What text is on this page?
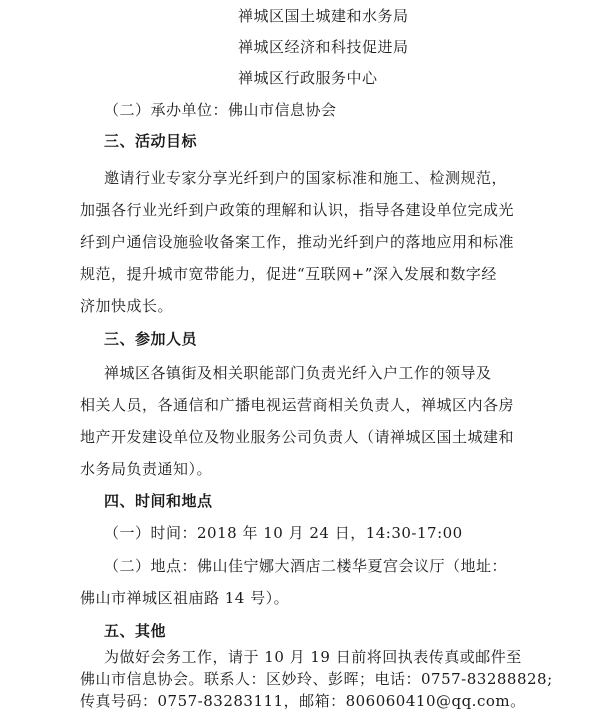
禅城区国土城建和水务局
禅城区经济和科技促进局
禅城区行政服务中心
（二）承办单位：佛山市信息协会
三、活动目标
邀请行业专家分享光纤到户的国家标准和施工、检测规范，
加强各行业光纤到户政策的理解和认识，指导各建设单位完成光
纤到户通信设施验收备案工作，推动光纤到户的落地应用和标准
规范，提升城市宽带能力，促进“互联网+”深入发展和数字经
济加快成长。
三、参加人员
禅城区各镇街及相关职能部门负责光纤入户工作的领导及
相关人员，各通信和广播电视运营商相关负责人，禅城区内各房
地产开发建设单位及物业服务公司负责人（请禅城区国土城建和
水务局负责通知）。
四、时间和地点
（一）时间：2018 年 10 月 24 日，14:30-17:00
（二）地点：佛山佳宁娜大酒店二楼华夏宫会议厅（地址：
佛山市禅城区祖庙路 14 号）。
五、其他
为做好会务工作，请于 10 月 19 日前将回执表传真或邮件至
佛山市信息协会。联系人：区妙玲、彭晖；电话：0757-83288828;
传真号码：0757-83283111，邮箱：806060410@qq.com。
